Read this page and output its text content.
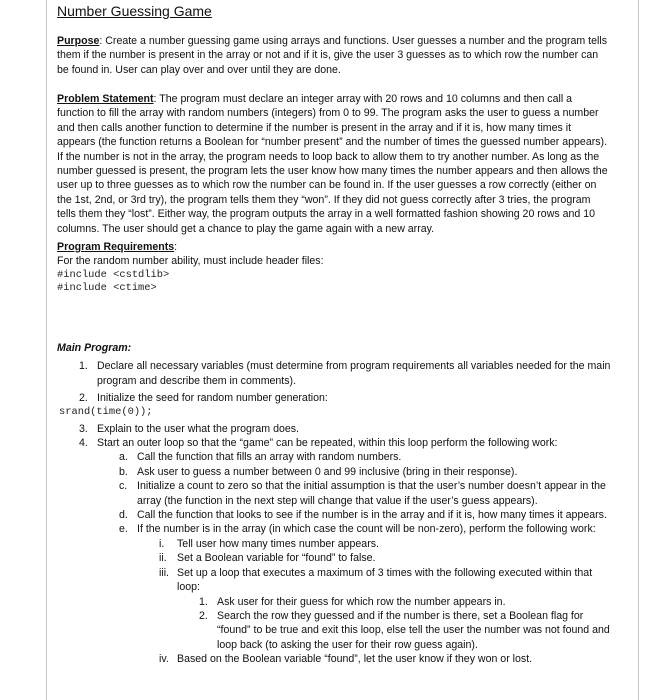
Number Guessing Game

Purpose: Create a number guessing game using arrays and functions. User guesses a number and the program tells them if the number is present in the array or not and if it is, give the user 3 guesses as to which row the number can be found in. User can play over and over until they are done.

Problem Statement: The program must declare an integer array with 20 rows and 10 columns and then call a function to fill the array with random numbers (integers) from 0 to 99. The program asks the user to guess a number and then calls another function to determine if the number is present in the array and if it is, how many times it appears (the function returns a Boolean for “number present” and the number of times the guessed number appears). If the number is not in the array, the program needs to loop back to allow them to try another number. As long as the number guessed is present, the program lets the user know how many times the number appears and then allows the user up to three guesses as to which row the number can be found in. If the user guesses a row correctly (either on the 1st, 2nd, or 3rd try), the program tells them they “won”. If they did not guess correctly after 3 tries, the program tells them they “lost”. Either way, the program outputs the array in a well formatted fashion showing 20 rows and 10 columns. The user should get a chance to play the game again with a new array.

Program Requirements:

For the random number ability, must include header files:

#include <cstdlib>
#include <ctime>

Main Program:

1. Declare all necessary variables (must determine from program requirements all variables needed for the main program and describe them in comments).
2. Initialize the seed for random number generation:
srand(time(0));
3. Explain to the user what the program does.
4. Start an outer loop so that the “game” can be repeated, within this loop perform the following work:
a. Call the function that fills an array with random numbers.
b. Ask user to guess a number between 0 and 99 inclusive (bring in their response).
c. Initialize a count to zero so that the initial assumption is that the user’s number doesn’t appear in the array (the function in the next step will change that value if the user’s guess appears).
d. Call the function that looks to see if the number is in the array and if it is, how many times it appears.
e. If the number is in the array (in which case the count will be non-zero), perform the following work:
i.	Tell user how many times number appears.
ii. Set a Boolean variable for “found” to false.
iii. Set up a loop that executes a maximum of 3 times with the following executed within that loop:
1. Ask user for their guess for which row the number appears in.
2. Search the row they guessed and if the number is there, set a Boolean flag for “found” to be true and exit this loop, else tell the user the number was not found and loop back (to asking the user for their row guess again).
iv. Based on the Boolean variable “found”, let the user know if they won or lost.
